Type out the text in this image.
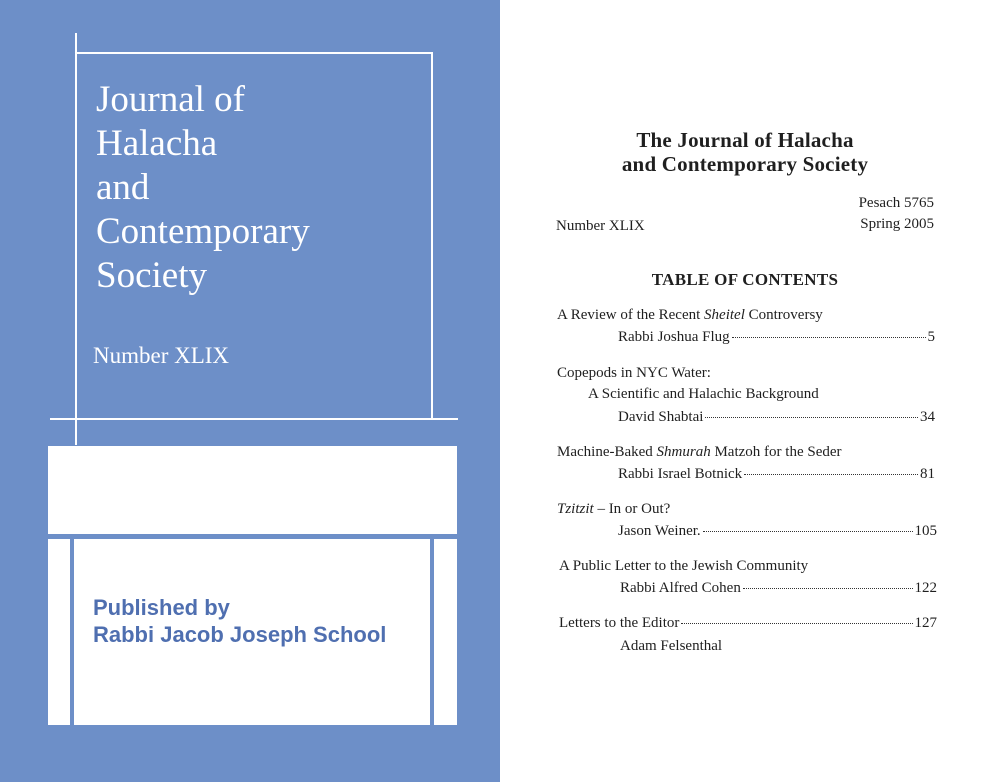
Journal of
Halacha
and
Contemporary
Society
Number XLIX
Published by
Rabbi Jacob Joseph School
The Journal of Halacha
and Contemporary Society
Pesach 5765
Spring 2005
Number XLIX
TABLE OF CONTENTS
A Review of the Recent Sheitel Controversy
Rabbi Joshua Flug	5
Copepods in NYC Water:
A Scientific and Halachic Background
David Shabtai	34
Machine-Baked Shmurah Matzoh for the Seder
Rabbi Israel Botnick	81
Tzitzit – In or Out?
Jason Weiner.	105
A Public Letter to the Jewish Community
Rabbi Alfred Cohen	122
Letters to the Editor	127
Adam Felsenthal
